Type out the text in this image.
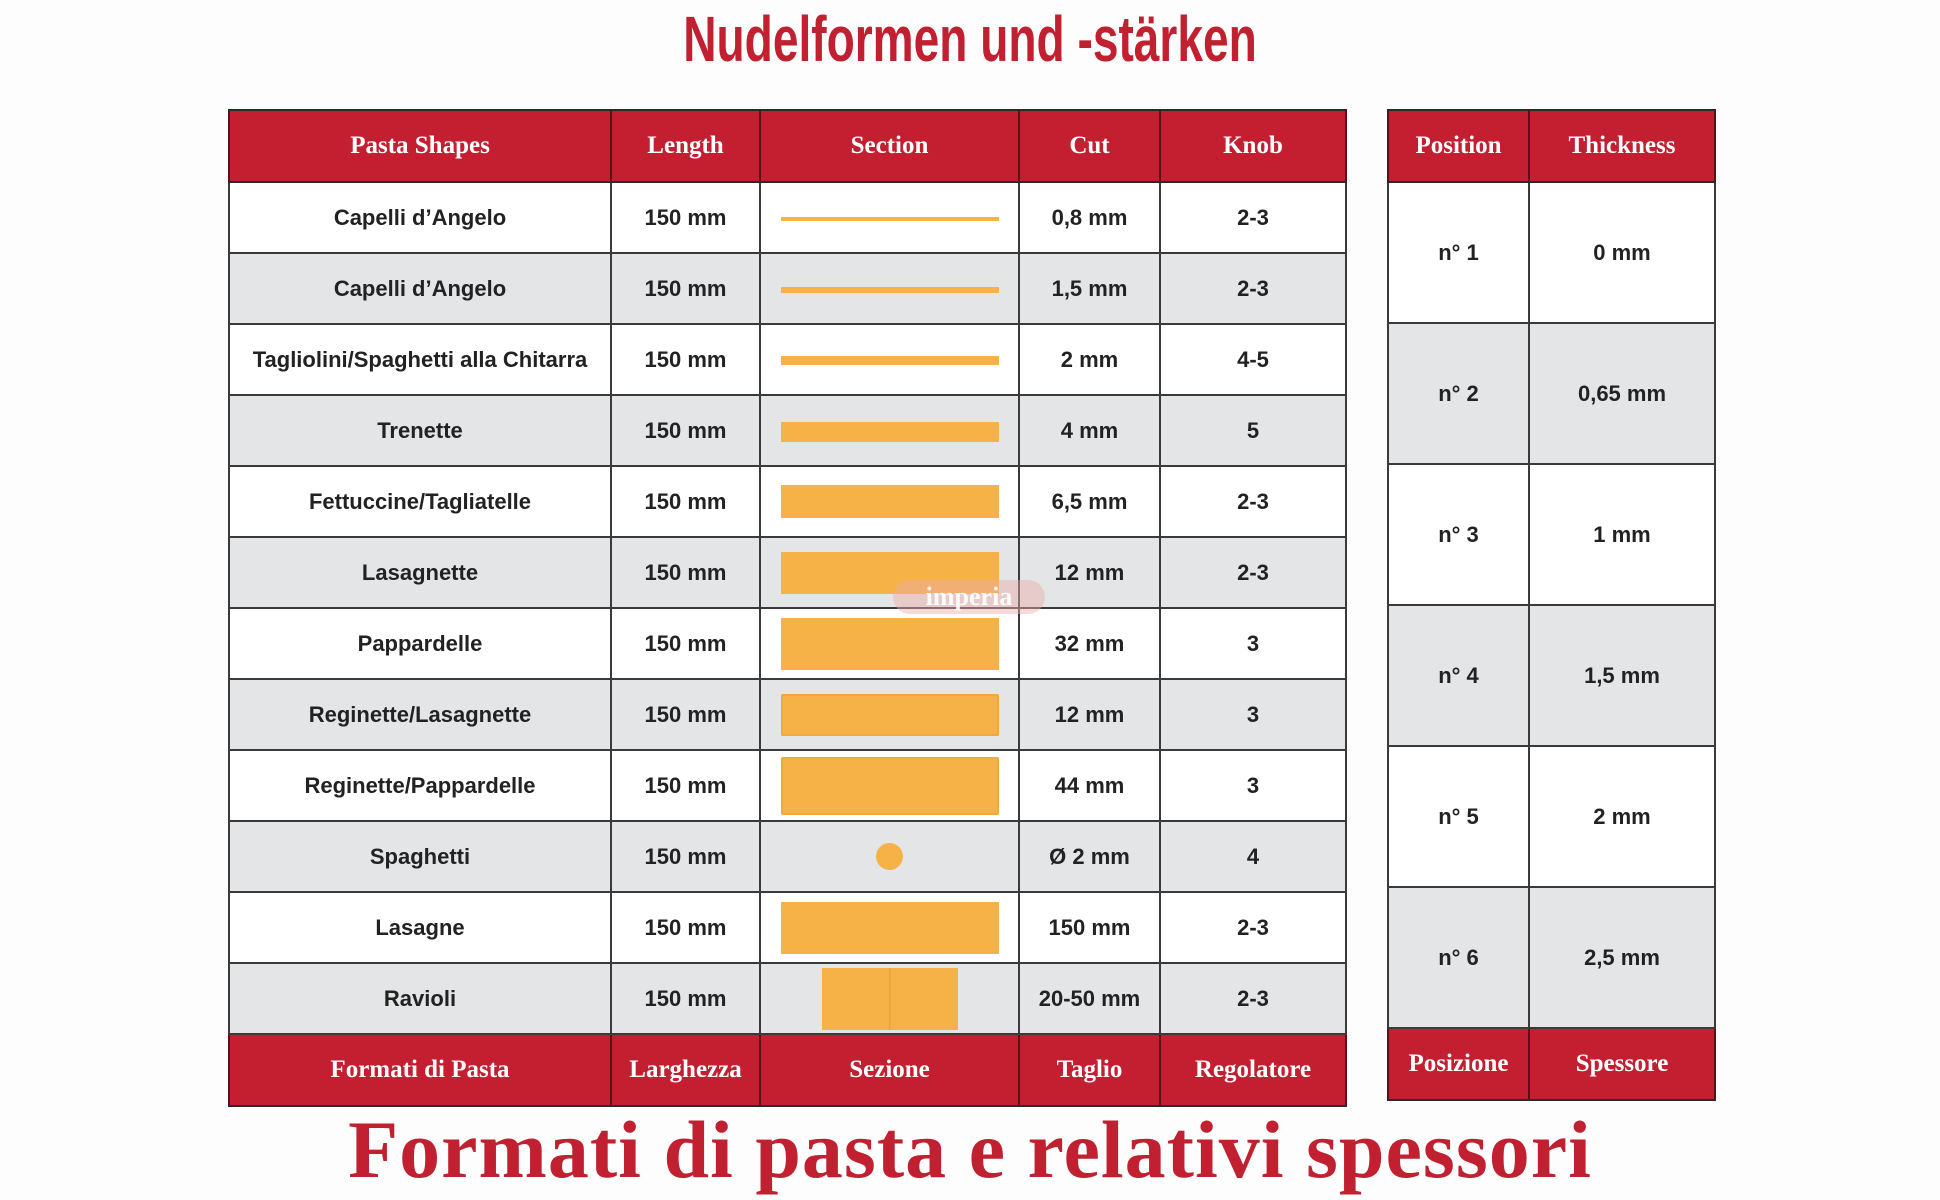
Nudelformen und -stärken
Pasta Shapes	Length	Section	Cut	Knob
Capelli d’Angelo	150 mm		0,8 mm	2-3
Capelli d’Angelo	150 mm		1,5 mm	2-3
Tagliolini/Spaghetti alla Chitarra	150 mm		2 mm	4-5
Trenette	150 mm		4 mm	5
Fettuccine/Tagliatelle	150 mm		6,5 mm	2-3
Lasagnette	150 mm		12 mm	2-3
Pappardelle	150 mm		32 mm	3
Reginette/Lasagnette	150 mm		12 mm	3
Reginette/Pappardelle	150 mm		44 mm	3
Spaghetti	150 mm		Ø 2 mm	4
Lasagne	150 mm		150 mm	2-3
Ravioli	150 mm		20-50 mm	2-3
Formati di Pasta	Larghezza	Sezione	Taglio	Regolatore
imperia
Position	Thickness
n° 1	0 mm
n° 2	0,65 mm
n° 3	1 mm
n° 4	1,5 mm
n° 5	2 mm
n° 6	2,5 mm
Posizione	Spessore
Formati di pasta e relativi spessori
